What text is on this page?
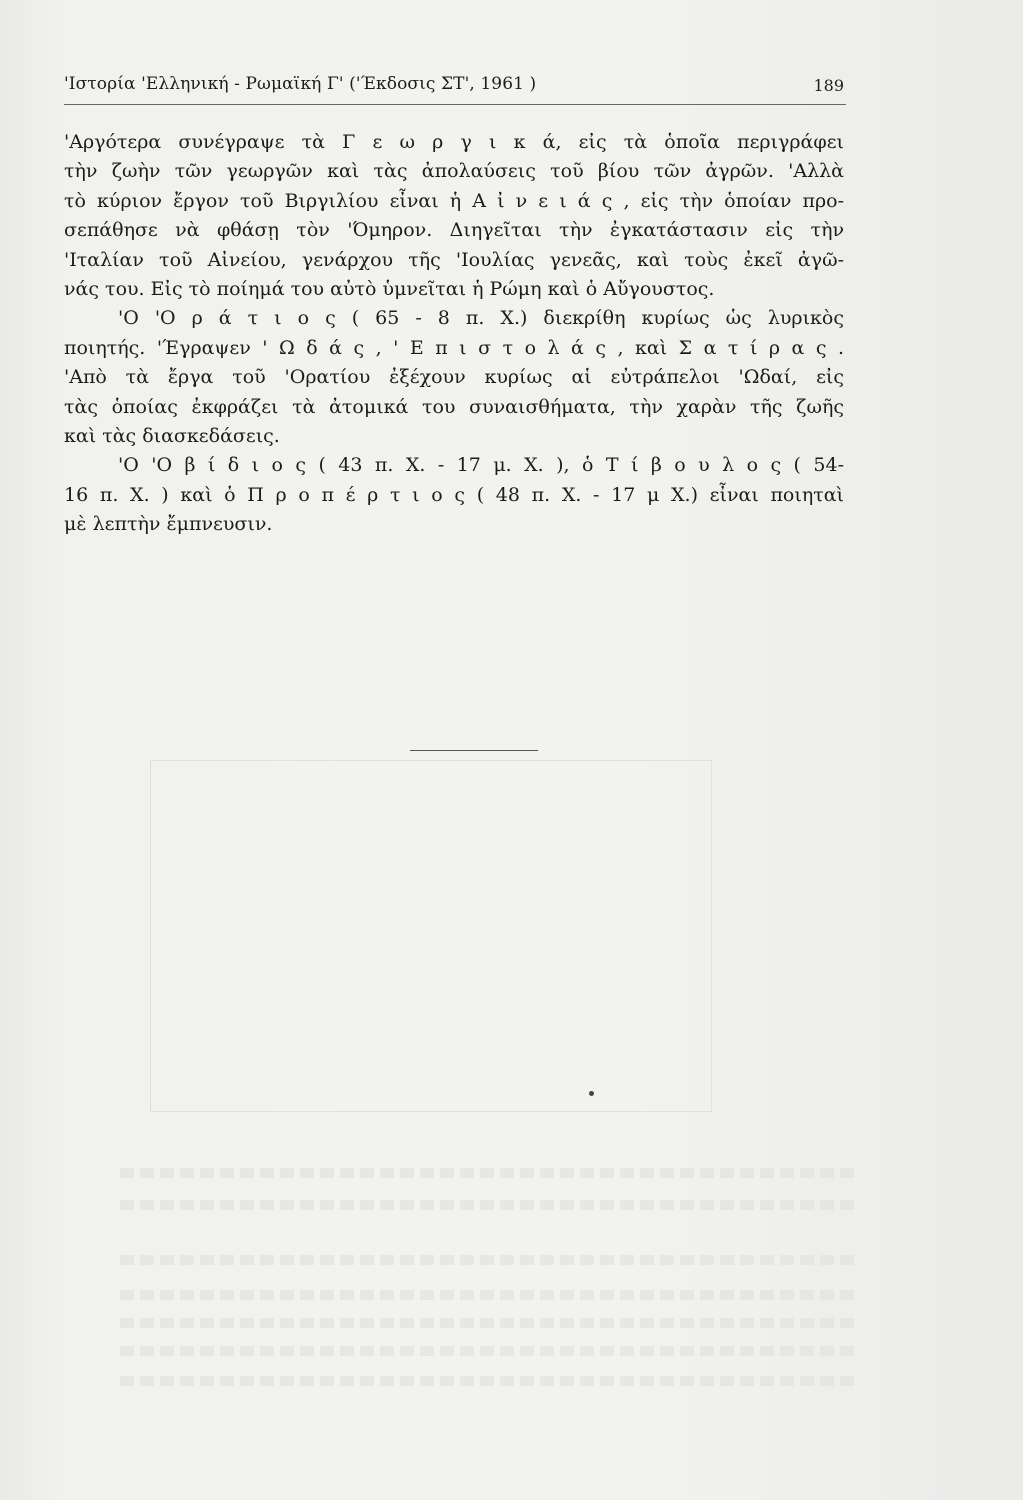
'Ιστορία 'Ελληνική - Ρωμαϊκή Γ' ('Έκδοσις ΣΤ', 1961 )	189
'Αργότερα συνέγραψε τὰ Γ ε ω ρ γ ι κ ά, εἰς τὰ ὁποῖα περιγράφει
τὴν ζωὴν τῶν γεωργῶν καὶ τὰς ἀπολαύσεις τοῦ βίου τῶν ἀγρῶν. 'Αλλὰ
τὸ κύριον ἔργον τοῦ Βιργιλίου εἶναι ἡ Α ἰ ν ε ι ά ς , εἰς τὴν ὁποίαν προ-
σεπάθησε νὰ φθάσῃ τὸν 'Όμηρον. Διηγεῖται τὴν ἐγκατάστασιν εἰς τὴν
'Ιταλίαν τοῦ Αἰνείου, γενάρχου τῆς 'Ιουλίας γενεᾶς, καὶ τοὺς ἐκεῖ ἀγῶ-
νάς του. Εἰς τὸ ποίημά του αὐτὸ ὑμνεῖται ἡ Ρώμη καὶ ὁ Αὔγουστος.
'Ο 'Ο ρ ά τ ι ο ς ( 65 - 8 π. Χ.) διεκρίθη κυρίως ὡς λυρικὸς
ποιητής. 'Έγραψεν ' Ω δ ά ς , ' Ε π ι σ τ ο λ ά ς , καὶ Σ α τ ί ρ α ς .
'Απὸ τὰ ἔργα τοῦ 'Ορατίου ἐξέχουν κυρίως αἱ εὐτράπελοι 'Ωδαί, εἰς
τὰς ὁποίας ἐκφράζει τὰ ἀτομικά του συναισθήματα, τὴν χαρὰν τῆς ζωῆς
καὶ τὰς διασκεδάσεις.
'Ο 'Ο β ί δ ι ο ς ( 43 π. Χ. - 17 μ. Χ. ), ὁ Τ ί β ο υ λ ο ς ( 54-
16 π. Χ. ) καὶ ὁ Π ρ ο π έ ρ τ ι ο ς ( 48 π. Χ. - 17 μ Χ.) εἶναι ποιηταὶ
μὲ λεπτὴν ἔμπνευσιν.
